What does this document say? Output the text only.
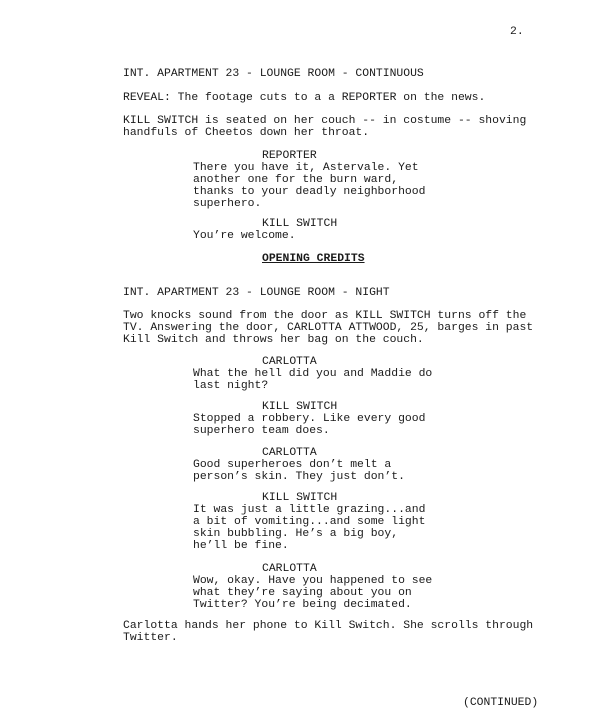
2.
INT. APARTMENT 23 - LOUNGE ROOM - CONTINUOUS
REVEAL: The footage cuts to a a REPORTER on the news.
KILL SWITCH is seated on her couch -- in costume -- shoving
handfuls of Cheetos down her throat.
REPORTER
There you have it, Astervale. Yet
another one for the burn ward,
thanks to your deadly neighborhood
superhero.
KILL SWITCH
You’re welcome.
OPENING CREDITS
INT. APARTMENT 23 - LOUNGE ROOM - NIGHT
Two knocks sound from the door as KILL SWITCH turns off the
TV. Answering the door, CARLOTTA ATTWOOD, 25, barges in past
Kill Switch and throws her bag on the couch.
CARLOTTA
What the hell did you and Maddie do
last night?
KILL SWITCH
Stopped a robbery. Like every good
superhero team does.
CARLOTTA
Good superheroes don’t melt a
person’s skin. They just don’t.
KILL SWITCH
It was just a little grazing...and
a bit of vomiting...and some light
skin bubbling. He’s a big boy,
he’ll be fine.
CARLOTTA
Wow, okay. Have you happened to see
what they’re saying about you on
Twitter? You’re being decimated.
Carlotta hands her phone to Kill Switch. She scrolls through
Twitter.
(CONTINUED)
